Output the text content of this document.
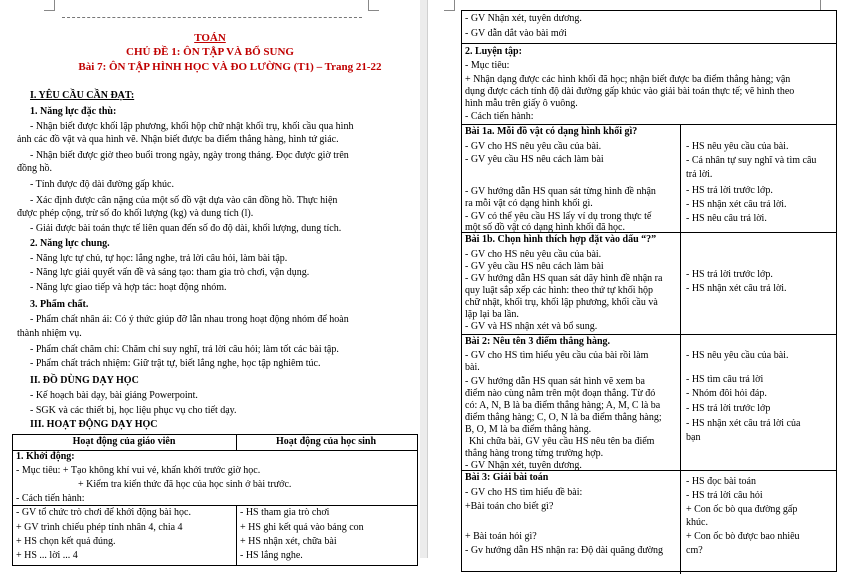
TOÁN
CHỦ ĐỀ 1: ÔN TẬP VÀ BỔ SUNG
Bài 7: ÔN TẬP HÌNH HỌC VÀ ĐO LƯỜNG (T1) – Trang 21-22
I. YÊU CẦU CẦN ĐẠT:
1. Năng lực đặc thù:
- Nhận biết được khối lập phương, khối hộp chữ nhật khối trụ, khối cầu qua hình
ảnh các đồ vật và qua hình vẽ. Nhận biết được ba điểm thẳng hàng, hình tứ giác.
- Nhận biết được giờ theo buổi trong ngày, ngày trong tháng. Đọc được giờ trên
đồng hồ.
- Tính được độ dài đường gấp khúc.
- Xác định được cân nặng của một số đồ vật dựa vào cân đồng hồ. Thực hiện
được phép cộng, trừ số đo khối lượng (kg) và dung tích (l).
- Giải được bài toán thực tế liên quan đến số đo độ dài, khối lượng, dung tích.
2. Năng lực chung.
- Năng lực tự chủ, tự học: lắng nghe, trả lời câu hỏi, làm bài tập.
- Năng lực giải quyết vấn đề và sáng tạo: tham gia trò chơi, vận dụng.
- Năng lực giao tiếp và hợp tác: hoạt động nhóm.
3. Phẩm chất.
- Phẩm chất nhân ái: Có ý thức giúp đỡ lẫn nhau trong hoạt động nhóm để hoàn
thành nhiệm vụ.
- Phẩm chất chăm chỉ: Chăm chỉ suy nghĩ, trả lời câu hỏi; làm tốt các bài tập.
- Phẩm chất trách nhiệm: Giữ trật tự, biết lắng nghe, học tập nghiêm túc.
II. ĐỒ DÙNG DẠY HỌC
- Kế hoạch bài dạy, bài giảng Powerpoint.
- SGK và các thiết bị, học liệu phục vụ cho tiết dạy.
III. HOẠT ĐỘNG DẠY HỌC
Hoạt động của giáo viên	Hoạt động của học sinh
1. Khởi động:
- Mục tiêu: + Tạo không khí vui vẻ, khấn khởi trước giờ học.
+ Kiểm tra kiến thức đã học của học sinh ở bài trước.
- Cách tiến hành:
- GV tổ chức trò chơi để khởi động bài học.
+ GV trình chiếu phép tính nhân 4, chia 4
+ HS chọn kết quả đúng.
+ HS ... lời ... 4
- HS tham gia trò chơi
+ HS ghi kết quả vào bảng con
+ HS nhận xét, chữa bài
- HS lắng nghe.
- GV Nhận xét, tuyên dương.
- GV dẫn dắt vào bài mới
2. Luyện tập:
- Mục tiêu:
+ Nhận dạng được các hình khối đã học; nhận biết được ba điểm thẳng hàng; vận
dụng được cách tính độ dài đường gấp khúc vào giải bài toán thực tế; vẽ hình theo
hình mẫu trên giấy ô vuông.
- Cách tiến hành:
Bài 1a. Mỗi đồ vật có dạng hình khối gì?
- GV cho HS nêu yêu cầu của bài.
- GV yêu cầu HS nêu cách làm bài
- GV hướng dẫn HS quan sát từng hình đề nhận
ra mỗi vật có dạng hình khối gì.
- GV có thể yêu cầu HS lấy ví dụ trong thực tế
một số đồ vật có dạng hình khối đã học.
- HS nêu yêu cầu của bài.
- Cả nhân tự suy nghĩ và tìm câu
trả lời.
- HS trả lời trước lớp.
- HS nhận xét câu trả lời.
- HS nêu câu trả lời.
Bài 1b. Chọn hình thích hợp đặt vào dấu “?”
- GV cho HS nêu yêu cầu của bài.
- GV yêu cầu HS nêu cách làm bài
- GV hướng dẫn HS quan sát dãy hình đề nhận ra
quy luật sắp xếp các hình: theo thứ tự khối hộp
chữ nhật, khối trụ, khối lập phương, khối cầu và
lặp lại ba lần.
- GV và HS nhận xét và bổ sung.
- HS trả lời trước lớp.
- HS nhận xét câu trả lời.
Bài 2: Nêu tên 3 điểm thẳng hàng.
- GV cho HS tìm hiểu yêu cầu của bài rồi làm
bài.
- GV hướng dẫn HS quan sát hình vẽ xem ba
điểm nào cùng nằm trên một đoạn thẳng. Từ đó
có: A, N, B là ba điểm thẳng hàng; A, M, C là ba
điểm thẳng hàng; C, O, N là ba điểm thẳng hàng;
B, O, M là ba điểm thẳng hàng.
Khi chữa bài, GV yêu cầu HS nêu tên ba điểm
thẳng hàng trong từng trường hợp.
- GV Nhận xét, tuyên dương.
- HS nêu yêu cầu của bài.
- HS tìm câu trả lời
- Nhóm đôi hỏi đáp.
- HS trả lời trước lớp
- HS nhận xét câu trả lời của
bạn
Bài 3: Giải bài toán
- GV cho HS tìm hiểu đề bài:
+Bài toán cho biết gì?
+ Bài toán hỏi gì?
- Gv hướng dẫn HS nhận ra: Độ dài quãng đường
- HS đọc bài toán
- HS trả lời câu hỏi
+ Con ốc bò qua đường gấp
khúc.
+ Con ốc bò được bao nhiêu
cm?
